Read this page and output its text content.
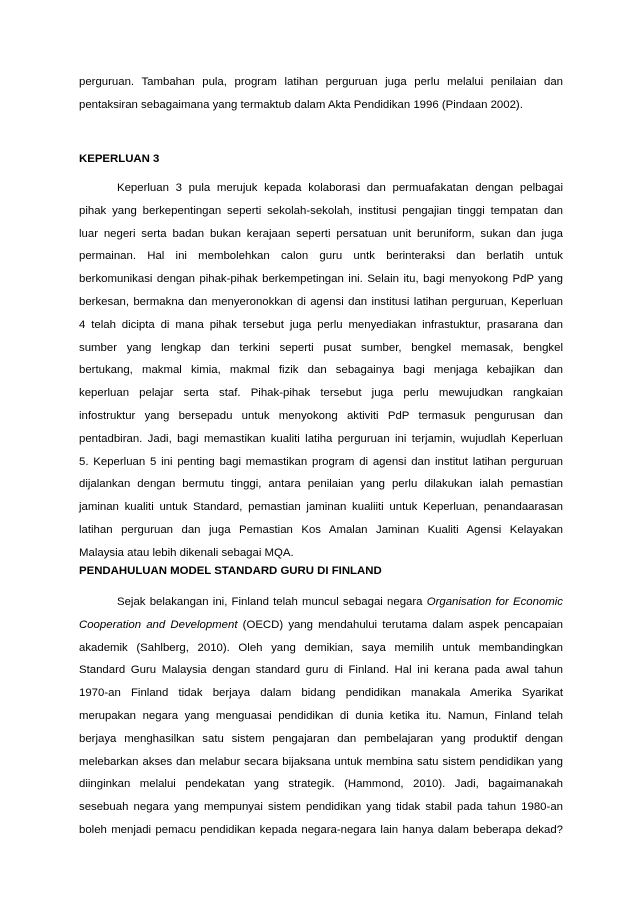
perguruan. Tambahan pula, program latihan perguruan juga perlu melalui penilaian dan
pentaksiran sebagaimana yang termaktub dalam Akta Pendidikan 1996 (Pindaan 2002).
KEPERLUAN 3
Keperluan 3 pula merujuk kepada kolaborasi dan permuafakatan dengan pelbagai
pihak yang berkepentingan seperti sekolah-sekolah, institusi pengajian tinggi tempatan dan
luar negeri serta badan bukan kerajaan seperti persatuan unit beruniform, sukan dan juga
permainan. Hal ini membolehkan calon guru untk berinteraksi dan berlatih untuk
berkomunikasi dengan pihak-pihak berkempetingan ini. Selain itu, bagi menyokong PdP yang
berkesan, bermakna dan menyeronokkan di agensi dan institusi latihan perguruan, Keperluan
4 telah dicipta di mana pihak tersebut juga perlu menyediakan infrastuktur, prasarana dan
sumber yang lengkap dan terkini seperti pusat sumber, bengkel memasak, bengkel
bertukang, makmal kimia, makmal fizik dan sebagainya bagi menjaga kebajikan dan
keperluan pelajar serta staf. Pihak-pihak tersebut juga perlu mewujudkan rangkaian
infostruktur yang bersepadu untuk menyokong aktiviti PdP termasuk pengurusan dan
pentadbiran. Jadi, bagi memastikan kualiti latiha perguruan ini terjamin, wujudlah Keperluan
5. Keperluan 5 ini penting bagi memastikan program di agensi dan institut latihan perguruan
dijalankan dengan bermutu tinggi, antara penilaian yang perlu dilakukan ialah pemastian
jaminan kualiti untuk Standard, pemastian jaminan kualiiti untuk Keperluan, penandaarasan
latihan perguruan dan juga Pemastian Kos Amalan Jaminan Kualiti Agensi Kelayakan
Malaysia atau lebih dikenali sebagai MQA.
PENDAHULUAN MODEL STANDARD GURU DI FINLAND
Sejak belakangan ini, Finland telah muncul sebagai negara Organisation for Economic
Cooperation and Development (OECD) yang mendahului terutama dalam aspek pencapaian
akademik (Sahlberg, 2010). Oleh yang demikian, saya memilih untuk membandingkan
Standard Guru Malaysia dengan standard guru di Finland. Hal ini kerana pada awal tahun
1970-an Finland tidak berjaya dalam bidang pendidikan manakala Amerika Syarikat
merupakan negara yang menguasai pendidikan di dunia ketika itu. Namun, Finland telah
berjaya menghasilkan satu sistem pengajaran dan pembelajaran yang produktif dengan
melebarkan akses dan melabur secara bijaksana untuk membina satu sistem pendidikan yang
diinginkan melalui pendekatan yang strategik. (Hammond, 2010). Jadi, bagaimanakah
sesebuah negara yang mempunyai sistem pendidikan yang tidak stabil pada tahun 1980-an
boleh menjadi pemacu pendidikan kepada negara-negara lain hanya dalam beberapa dekad?
